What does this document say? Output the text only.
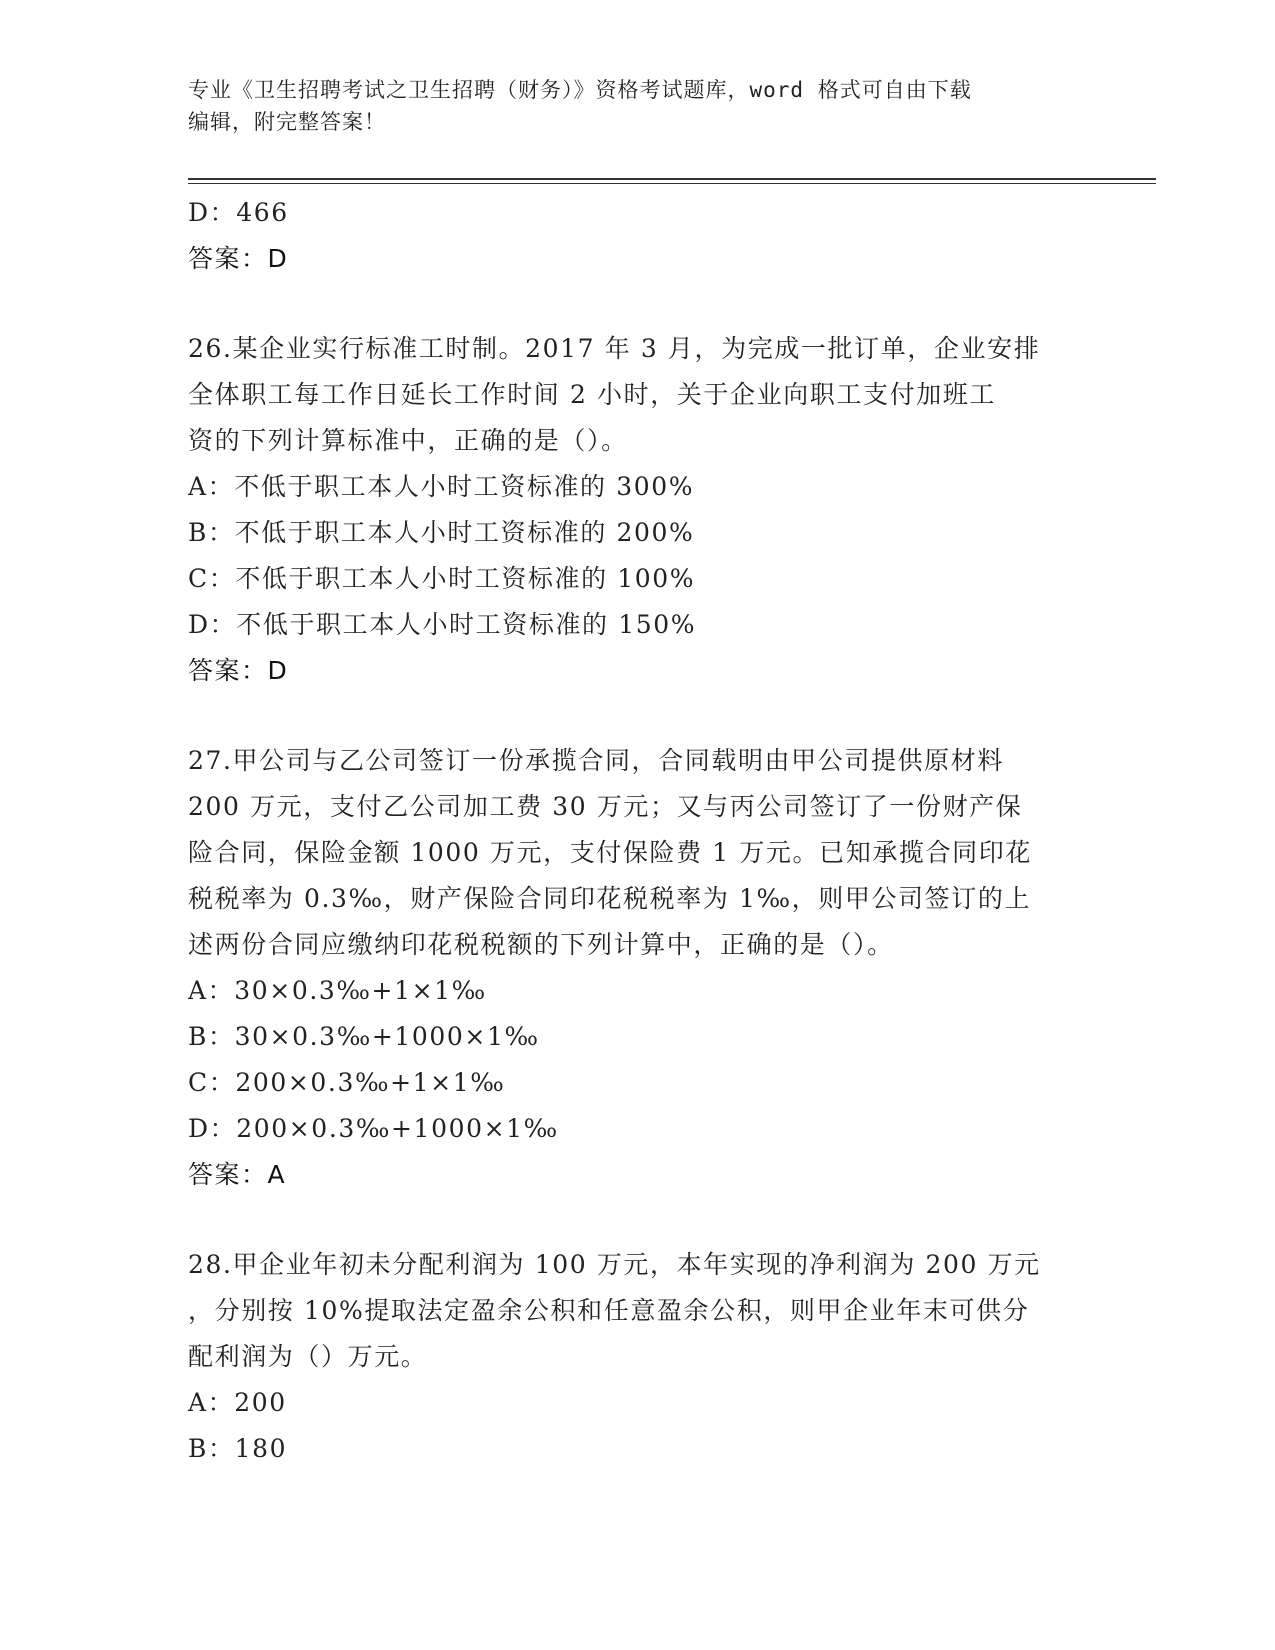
专业《卫生招聘考试之卫生招聘（财务）》资格考试题库，word 格式可自由下载
编辑，附完整答案！
D：466
答案：D
26.某企业实行标准工时制。2017 年 3 月，为完成一批订单，企业安排
全体职工每工作日延长工作时间 2 小时，关于企业向职工支付加班工
资的下列计算标准中，正确的是（）。
A：不低于职工本人小时工资标准的 300%
B：不低于职工本人小时工资标准的 200%
C：不低于职工本人小时工资标准的 100%
D：不低于职工本人小时工资标准的 150%
答案：D
27.甲公司与乙公司签订一份承揽合同，合同载明由甲公司提供原材料
200 万元，支付乙公司加工费 30 万元；又与丙公司签订了一份财产保
险合同，保险金额 1000 万元，支付保险费 1 万元。已知承揽合同印花
税税率为 0.3‰，财产保险合同印花税税率为 1‰，则甲公司签订的上
述两份合同应缴纳印花税税额的下列计算中，正确的是（）。
A：30×0.3‰+1×1‰
B：30×0.3‰+1000×1‰
C：200×0.3‰+1×1‰
D：200×0.3‰+1000×1‰
答案：A
28.甲企业年初未分配利润为 100 万元，本年实现的净利润为 200 万元
，分别按 10%提取法定盈余公积和任意盈余公积，则甲企业年末可供分
配利润为（）万元。
A：200
B：180
